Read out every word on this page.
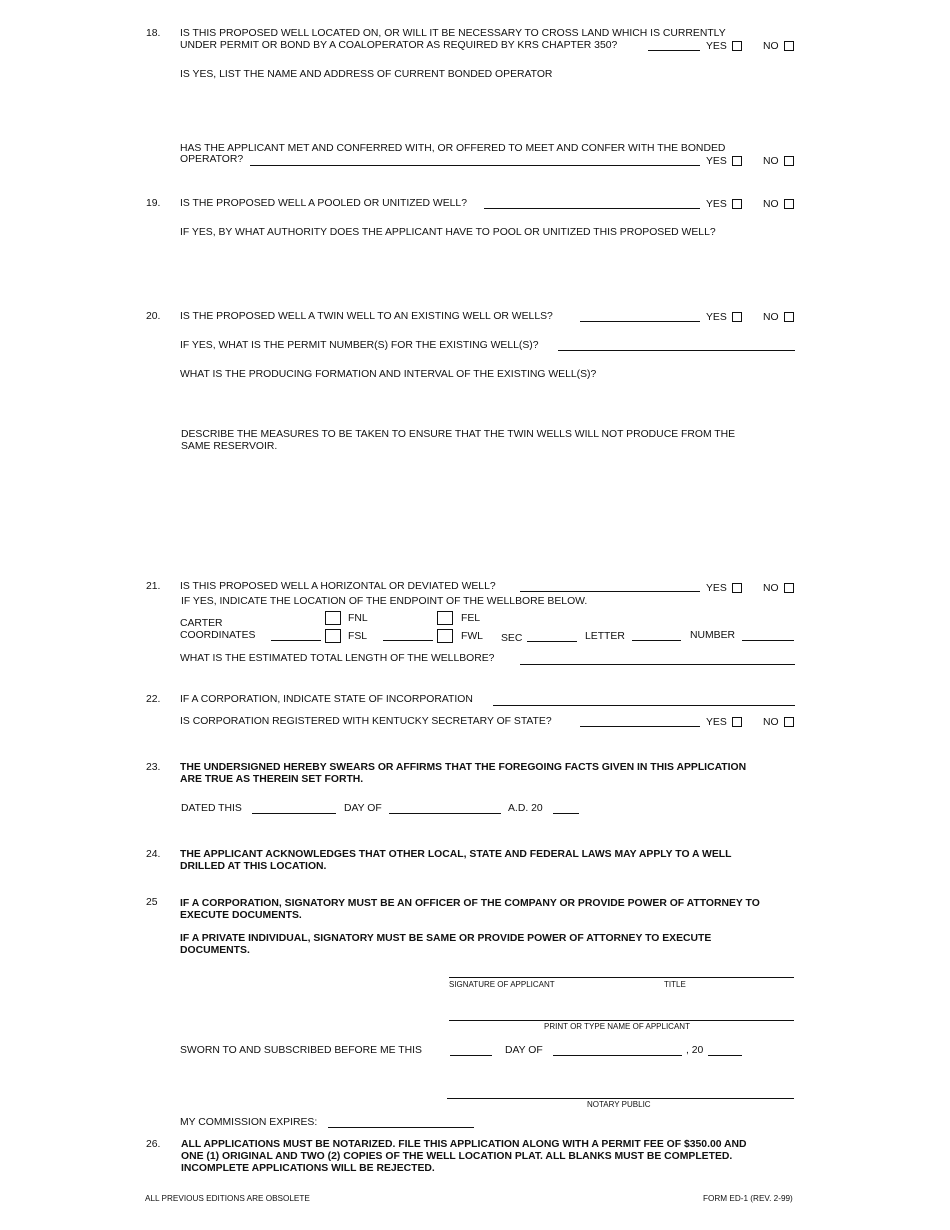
18. IS THIS PROPOSED WELL LOCATED ON, OR WILL IT BE NECESSARY TO CROSS LAND WHICH IS CURRENTLY
UNDER PERMIT OR BOND BY A COALOPERATOR AS REQUIRED BY KRS CHAPTER 350?	YES	NO
IS YES, LIST THE NAME AND ADDRESS OF CURRENT BONDED OPERATOR
HAS THE APPLICANT MET AND CONFERRED WITH, OR OFFERED TO MEET AND CONFER WITH THE BONDED
OPERATOR?	YES	NO
19. IS THE PROPOSED WELL A POOLED OR UNITIZED WELL?	YES	NO
IF YES, BY WHAT AUTHORITY DOES THE APPLICANT HAVE TO POOL OR UNITIZED THIS PROPOSED WELL?
20. IS THE PROPOSED WELL A TWIN WELL TO AN EXISTING WELL OR WELLS?	YES	NO
IF YES, WHAT IS THE PERMIT NUMBER(S) FOR THE EXISTING WELL(S)?
WHAT IS THE PRODUCING FORMATION AND INTERVAL OF THE EXISTING WELL(S)?
DESCRIBE THE MEASURES TO BE TAKEN TO ENSURE THAT THE TWIN WELLS WILL NOT PRODUCE FROM THE
SAME RESERVOIR.
21. IS THIS PROPOSED WELL A HORIZONTAL OR DEVIATED WELL?	YES	NO
IF YES, INDICATE THE LOCATION OF THE ENDPOINT OF THE WELLBORE BELOW.
CARTER
COORDINATES
FNL
FSL
FEL
FWL SEC	LETTER	NUMBER
WHAT IS THE ESTIMATED TOTAL LENGTH OF THE WELLBORE?
22. IF A CORPORATION, INDICATE STATE OF INCORPORATION
IS CORPORATION REGISTERED WITH KENTUCKY SECRETARY OF STATE?	YES	NO
23. THE UNDERSIGNED HEREBY SWEARS OR AFFIRMS THAT THE FOREGOING FACTS GIVEN IN THIS APPLICATION
ARE TRUE AS THEREIN SET FORTH.
DATED THIS	DAY OF	A.D. 20
24. THE APPLICANT ACKNOWLEDGES THAT OTHER LOCAL, STATE AND FEDERAL LAWS MAY APPLY TO A WELL
DRILLED AT THIS LOCATION.
25 IF A CORPORATION, SIGNATORY MUST BE AN OFFICER OF THE COMPANY OR PROVIDE POWER OF ATTORNEY TO
EXECUTE DOCUMENTS.
IF A PRIVATE INDIVIDUAL, SIGNATORY MUST BE SAME OR PROVIDE POWER OF ATTORNEY TO EXECUTE
DOCUMENTS.
SIGNATURE OF APPLICANT	TITLE
PRINT OR TYPE NAME OF APPLICANT
SWORN TO AND SUBSCRIBED BEFORE ME THIS	DAY OF	, 20
NOTARY PUBLIC
MY COMMISSION EXPIRES:
26. ALL APPLICATIONS MUST BE NOTARIZED. FILE THIS APPLICATION ALONG WITH A PERMIT FEE OF $350.00 AND
ONE (1) ORIGINAL AND TWO (2) COPIES OF THE WELL LOCATION PLAT. ALL BLANKS MUST BE COMPLETED.
INCOMPLETE APPLICATIONS WILL BE REJECTED.
ALL PREVIOUS EDITIONS ARE OBSOLETE	FORM ED-1 (REV. 2-99)
